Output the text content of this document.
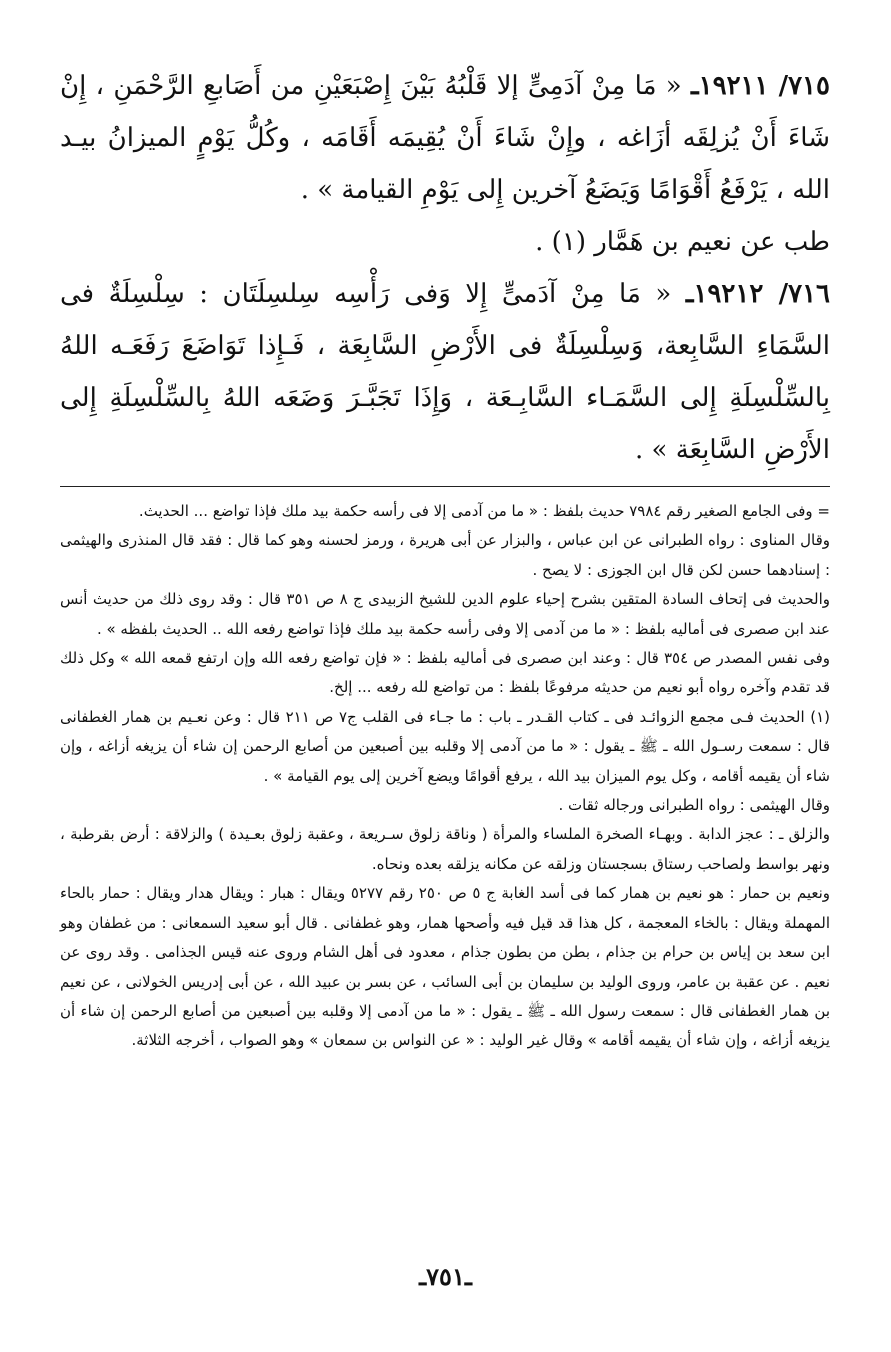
٧١٥/ ١٩٢١١ـ « مَا مِنْ آدَمِىٍّ إلا قَلْبُهُ بَيْنَ إِصْبَعَيْنِ من أَصَابعِ الرَّحْمَنِ ، إِنْ شَاءَ أَنْ يُزلِقَه أزَاغه ، وإِنْ شَاءَ أَنْ يُقِيمَه أَقَامَه ، وكُلُّ يَوْمٍ الميزانُ بيـد الله ، يَرْفَعُ أَقْوَامًا وَيَضَعُ آخرين إِلى يَوْمِ القيامة » .

طب عن نعيم بن هَمَّار (١) .

٧١٦/ ١٩٢١٢ـ « مَا مِنْ آدَمىٍّ إِلا وَفى رَأْسِه سِلسِلَتَان : سِلْسِلَةٌ فى السَّمَاءِ السَّابِعة، وَسِلْسِلَةٌ فى الأَرْضِ السَّابِعَة ، فَـإِذا تَوَاضَعَ رَفَعَـه اللهُ بِالسِّلْسِلَةِ إِلى السَّمَـاء السَّابِـعَة ، وَإِذَا تَجَبَّـرَ وَضَعَه اللهُ بِالسِّلْسِلَةِ إِلى الأَرْضِ السَّابِعَة » .

= وفى الجامع الصغير رقم ٧٩٨٤ حديث بلفظ : « ما من آدمى إلا فى رأسه حكمة بيد ملك فإذا تواضع ... الحديث.

وقال المناوى : رواه الطبرانى عن ابن عباس ، والبزار عن أبى هريرة ، ورمز لحسنه وهو كما قال : فقد قال المنذرى والهيثمى : إسنادهما حسن لكن قال ابن الجوزى : لا يصح .

والحديث فى إتحاف السادة المتقين بشرح إحياء علوم الدين للشيخ الزبيدى ج ٨ ص ٣٥١ قال : وقد روى ذلك من حديث أنس عند ابن صصرى فى أماليه بلفظ : « ما من آدمى إلا وفى رأسه حكمة بيد ملك فإذا تواضع رفعه الله .. الحديث بلفظه » .

وفى نفس المصدر ص ٣٥٤ قال : وعند ابن صصرى فى أماليه بلفظ : « فإن تواضع رفعه الله وإن ارتفع قمعه الله » وكل ذلك قد تقدم وآخره رواه أبو نعيم من حديثه مرفوعًا بلفظ : من تواضع لله رفعه ... إلخ.

(١) الحديث فـى مجمع الزوائـد فى ـ كتاب القـدر ـ باب : ما جـاء فى القلب ج٧ ص ٢١١ قال : وعن نعـيم بن همار الغطفانى قال : سمعت رسـول الله ـ ﷺ ـ يقول : « ما من آدمى إلا وقلبه بين أصبعين من أصابع الرحمن إن شاء أن يزيغه أزاغه ، وإن شاء أن يقيمه أقامه ، وكل يوم الميزان بيد الله ، يرفع أقوامًا ويضع آخرين إلى يوم القيامة » .

وقال الهيثمى : رواه الطبرانى ورجاله ثقات .

والزلق ـ : عجز الدابة . وبهـاء الصخرة الملساء والمرأة ( وناقة زلوق سـريعة ، وعقبة زلوق بعـيدة ) والزلاقة : أرض بقرطبة ، ونهر بواسط ولصاحب رستاق بسجستان وزلقه عن مكانه يزلقه بعده ونحاه.

ونعيم بن حمار : هو نعيم بن همار كما فى أسد الغابة ج ٥ ص ٢٥٠ رقم ٥٢٧٧ ويقال : هبار : ويقال هدار ويقال : حمار بالحاء المهملة ويقال : بالخاء المعجمة ، كل هذا قد قيل فيه وأصحها همار، وهو غطفانى . قال أبو سعيد السمعانى : من غطفان وهو ابن سعد بن إياس بن حرام بن جذام ، بطن من بطون جذام ، معدود فى أهل الشام وروى عنه قيس الجذامى . وقد روى عن نعيم . عن عقبة بن عامر، وروى الوليد بن سليمان بن أبى السائب ، عن بسر بن عبيد الله ، عن أبى إدريس الخولانى ، عن نعيم بن همار الغطفانى قال : سمعت رسول الله ـ ﷺ ـ يقول : « ما من آدمى إلا وقلبه بين أصبعين من أصابع الرحمن إن شاء أن يزيغه أزاغه ، وإن شاء أن يقيمه أقامه » وقال غير الوليد : « عن النواس بن سمعان » وهو الصواب ، أخرجه الثلاثة.

ـ٧٥١ـ
